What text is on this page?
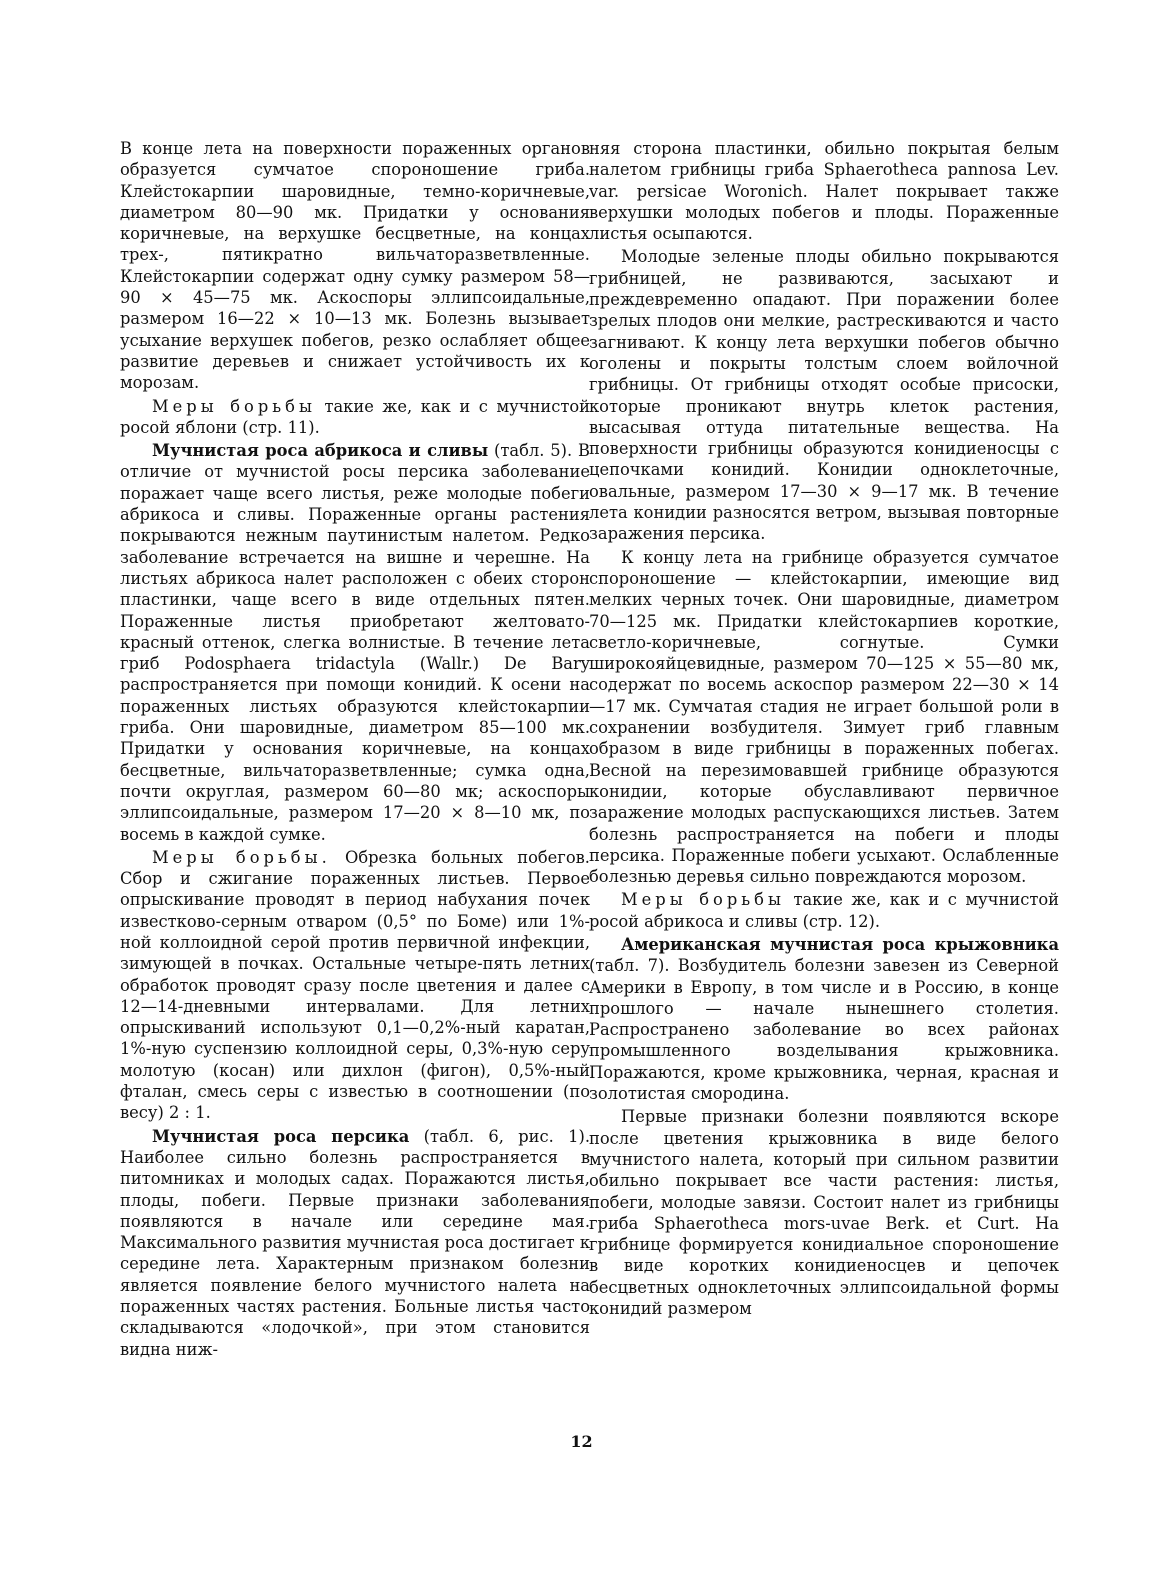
В конце лета на поверхности пораженных органов образуется сумчатое спороношение гриба. Клейстокарпии шаровидные, темно-коричневые, диаметром 80—90 мк. Придатки у основания коричневые, на верхушке бесцветные, на концах трех-, пятикратно вильчаторазветвленные. Клейстокарпии содержат одну сумку размером 58—90 × 45—75 мк. Аскоспоры эллипсоидальные, размером 16—22 × 10—13 мк. Болезнь вызывает усыхание верхушек побегов, резко ослабляет общее развитие деревьев и снижает устойчивость их к морозам.

Меры борьбы такие же, как и с мучнистой росой яблони (стр. 11).

Мучнистая роса абрикоса и сливы (табл. 5). В отличие от мучнистой росы персика заболевание поражает чаще всего листья, реже молодые побеги абрикоса и сливы. Пораженные органы растения покрываются нежным паутинистым налетом. Редко заболевание встречается на вишне и черешне. На листьях абрикоса налет расположен с обеих сторон пластинки, чаще всего в виде отдельных пятен. Пораженные листья приобретают желтовато-красный оттенок, слегка волнистые. В течение лета гриб Podosphaera tridactyla (Wallr.) De Bary распространяется при помощи конидий. К осени на пораженных листьях образуются клейстокарпии гриба. Они шаровидные, диаметром 85—100 мк. Придатки у основания коричневые, на концах бесцветные, вильчаторазветвленные; сумка одна, почти округлая, размером 60—80 мк; аскоспоры эллипсоидальные, размером 17—20 × 8—10 мк, по восемь в каждой сумке.

Меры борьбы. Обрезка больных побегов. Сбор и сжигание пораженных листьев. Первое опрыскивание проводят в период набухания почек известково-серным отваром (0,5° по Боме) или 1%-ной коллоидной серой против первичной инфекции, зимующей в почках. Остальные четыре-пять летних обработок проводят сразу после цветения и далее с 12—14-дневными интервалами. Для летних опрыскиваний используют 0,1—0,2%-ный каратан, 1%-ную суспензию коллоидной серы, 0,3%-ную серу молотую (косан) или дихлон (фигон), 0,5%-ный фталан, смесь серы с известью в соотношении (по весу) 2 : 1.

Мучнистая роса персика (табл. 6, рис. 1). Наиболее сильно болезнь распространяется в питомниках и молодых садах. Поражаются листья, плоды, побеги. Первые признаки заболевания появляются в начале или середине мая. Максимального развития мучнистая роса достигает к середине лета. Характерным признаком болезни является появление белого мучнистого налета на пораженных частях растения. Больные листья часто складываются «лодочкой», при этом становится видна ниж-

няя сторона пластинки, обильно покрытая белым налетом грибницы гриба Sphaerotheca pannosa Lev. var. persicae Woronich. Налет покрывает также верхушки молодых побегов и плоды. Пораженные листья осыпаются.

Молодые зеленые плоды обильно покрываются грибницей, не развиваются, засыхают и преждевременно опадают. При поражении более зрелых плодов они мелкие, растрескиваются и часто загнивают. К концу лета верхушки побегов обычно оголены и покрыты толстым слоем войлочной грибницы. От грибницы отходят особые присоски, которые проникают внутрь клеток растения, высасывая оттуда питательные вещества. На поверхности грибницы образуются конидиеносцы с цепочками конидий. Конидии одноклеточные, овальные, размером 17—30 × 9—17 мк. В течение лета конидии разносятся ветром, вызывая повторные заражения персика.

К концу лета на грибнице образуется сумчатое спороношение — клейстокарпии, имеющие вид мелких черных точек. Они шаровидные, диаметром 70—125 мк. Придатки клейстокарпиев короткие, светло-коричневые, согнутые. Сумки широкояйцевидные, размером 70—125 × 55—80 мк, содержат по восемь аскоспор размером 22—30 × 14—17 мк. Сумчатая стадия не играет большой роли в сохранении возбудителя. Зимует гриб главным образом в виде грибницы в пораженных побегах. Весной на перезимовавшей грибнице образуются конидии, которые обуславливают первичное заражение молодых распускающихся листьев. Затем болезнь распространяется на побеги и плоды персика. Пораженные побеги усыхают. Ослабленные болезнью деревья сильно повреждаются морозом.

Меры борьбы такие же, как и с мучнистой росой абрикоса и сливы (стр. 12).

Американская мучнистая роса крыжовника (табл. 7). Возбудитель болезни завезен из Северной Америки в Европу, в том числе и в Россию, в конце прошлого — начале нынешнего столетия. Распространено заболевание во всех районах промышленного возделывания крыжовника. Поражаются, кроме крыжовника, черная, красная и золотистая смородина.

Первые признаки болезни появляются вскоре после цветения крыжовника в виде белого мучнистого налета, который при сильном развитии обильно покрывает все части растения: листья, побеги, молодые завязи. Состоит налет из грибницы гриба Sphaerotheca mors-uvae Berk. et Curt. На грибнице формируется конидиальное спороношение в виде коротких конидиеносцев и цепочек бесцветных одноклеточных эллипсоидальной формы конидий размером

12
